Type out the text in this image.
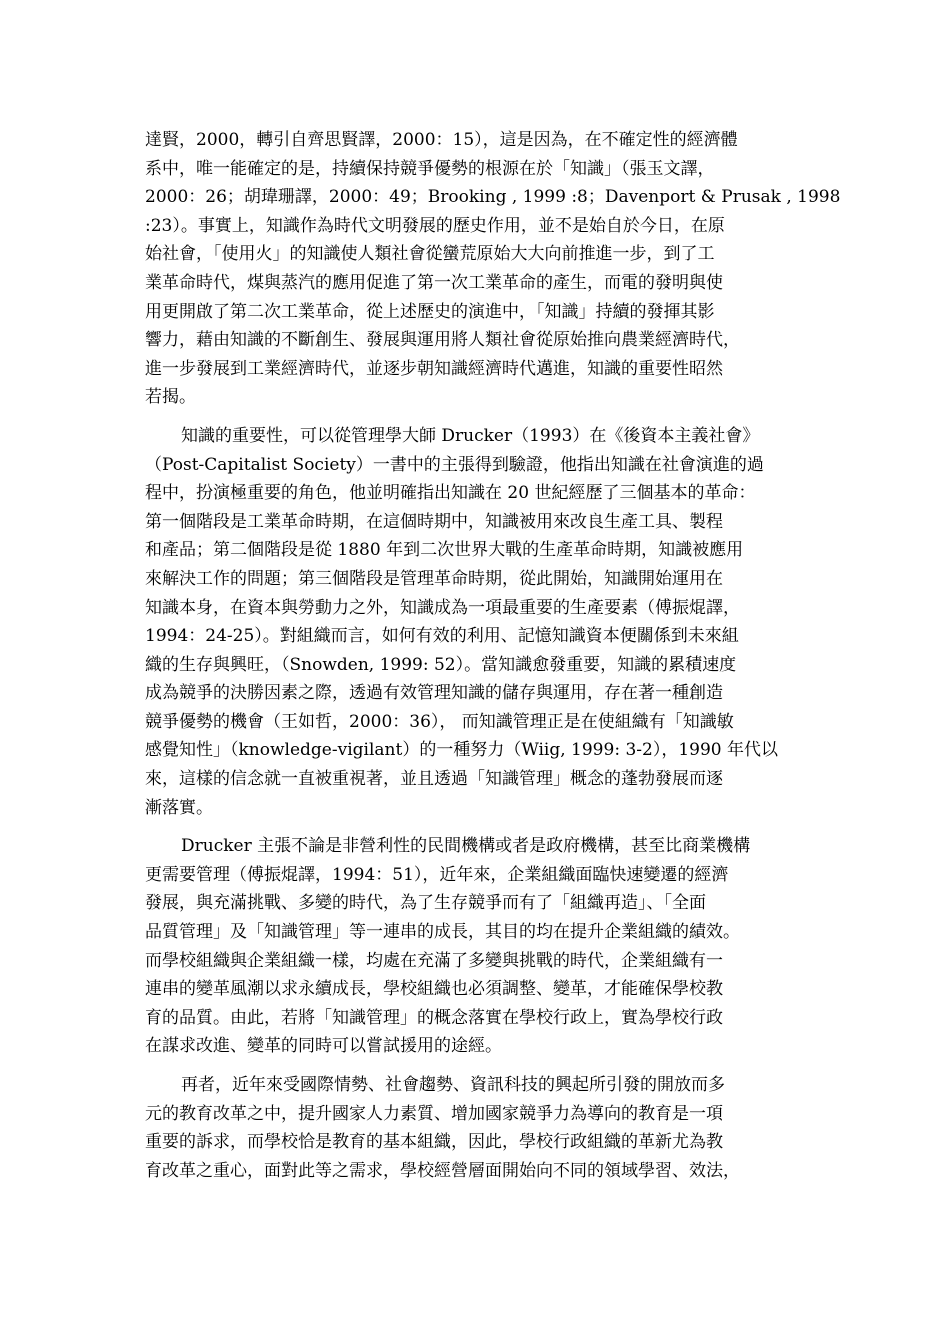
達賢，2000，轉引自齊思賢譯，2000：15），這是因為，在不確定性的經濟體
系中，唯一能確定的是，持續保持競爭優勢的根源在於「知識」（張玉文譯，
2000：26；胡瑋珊譯，2000：49；Brooking , 1999 :8；Davenport & Prusak , 1998
:23）。事實上，知識作為時代文明發展的歷史作用，並不是始自於今日，在原
始社會，「使用火」的知識使人類社會從蠻荒原始大大向前推進一步，到了工
業革命時代，煤與蒸汽的應用促進了第一次工業革命的產生，而電的發明與使
用更開啟了第二次工業革命，從上述歷史的演進中，「知識」持續的發揮其影
響力，藉由知識的不斷創生、發展與運用將人類社會從原始推向農業經濟時代，
進一步發展到工業經濟時代，並逐步朝知識經濟時代邁進，知識的重要性昭然
若揭。
知識的重要性，可以從管理學大師 Drucker（1993）在《後資本主義社會》
（Post-Capitalist Society）一書中的主張得到驗證，他指出知識在社會演進的過
程中，扮演極重要的角色，他並明確指出知識在 20 世紀經歷了三個基本的革命：
第一個階段是工業革命時期，在這個時期中，知識被用來改良生產工具、製程
和產品；第二個階段是從 1880 年到二次世界大戰的生產革命時期，知識被應用
來解決工作的問題；第三個階段是管理革命時期，從此開始，知識開始運用在
知識本身，在資本與勞動力之外，知識成為一項最重要的生產要素（傅振焜譯，
1994：24-25）。對組織而言，如何有效的利用、記憶知識資本便關係到未來組
織的生存與興旺，（Snowden, 1999: 52）。當知識愈發重要，知識的累積速度
成為競爭的決勝因素之際，透過有效管理知識的儲存與運用，存在著一種創造
競爭優勢的機會（王如哲，2000：36）， 而知識管理正是在使組織有「知識敏
感覺知性」（knowledge-vigilant）的一種努力（Wiig, 1999: 3-2），1990 年代以
來，這樣的信念就一直被重視著，並且透過「知識管理」概念的蓬勃發展而逐
漸落實。
Drucker 主張不論是非營利性的民間機構或者是政府機構，甚至比商業機構
更需要管理（傅振焜譯，1994：51），近年來，企業組織面臨快速變遷的經濟
發展，與充滿挑戰、多變的時代，為了生存競爭而有了「組織再造」、「全面
品質管理」及「知識管理」等一連串的成長，其目的均在提升企業組織的績效。
而學校組織與企業組織一樣，均處在充滿了多變與挑戰的時代，企業組織有一
連串的變革風潮以求永續成長，學校組織也必須調整、變革，才能確保學校教
育的品質。由此，若將「知識管理」的概念落實在學校行政上，實為學校行政
在謀求改進、變革的同時可以嘗試援用的途經。
再者，近年來受國際情勢、社會趨勢、資訊科技的興起所引發的開放而多
元的教育改革之中，提升國家人力素質、增加國家競爭力為導向的教育是一項
重要的訴求，而學校恰是教育的基本組織，因此，學校行政組織的革新尤為教
育改革之重心，面對此等之需求，學校經營層面開始向不同的領域學習、效法，
